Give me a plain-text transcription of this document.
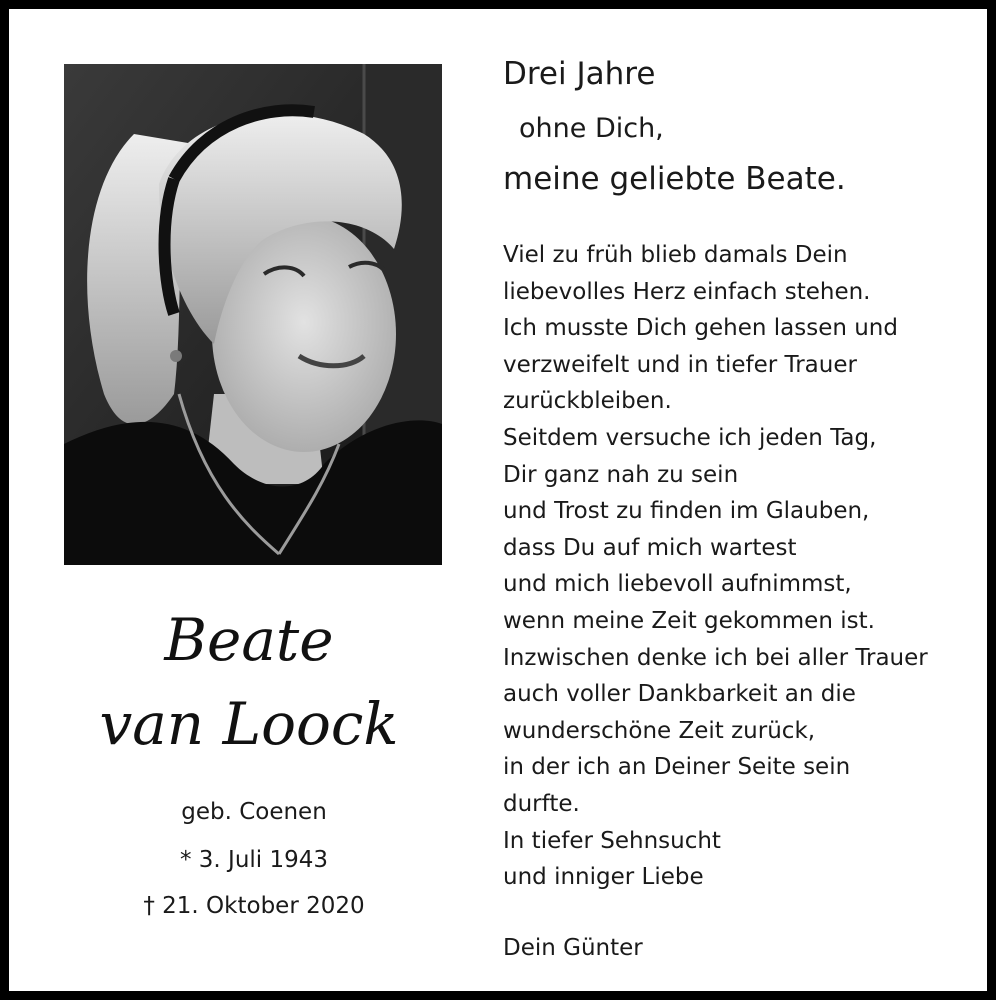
Beate
van Loock
geb. Coenen
* 3. Juli 1943
† 21. Oktober 2020
Drei Jahre
ohne Dich,
meine geliebte Beate.
Viel zu früh blieb damals Dein
liebevolles Herz einfach stehen.
Ich musste Dich gehen lassen und
verzweifelt und in tiefer Trauer
zurückbleiben.
Seitdem versuche ich jeden Tag,
Dir ganz nah zu sein
und Trost zu finden im Glauben,
dass Du auf mich wartest
und mich liebevoll aufnimmst,
wenn meine Zeit gekommen ist.
Inzwischen denke ich bei aller Trauer
auch voller Dankbarkeit an die
wunderschöne Zeit zurück,
in der ich an Deiner Seite sein
durfte.
In tiefer Sehnsucht
und inniger Liebe
Dein Günter
